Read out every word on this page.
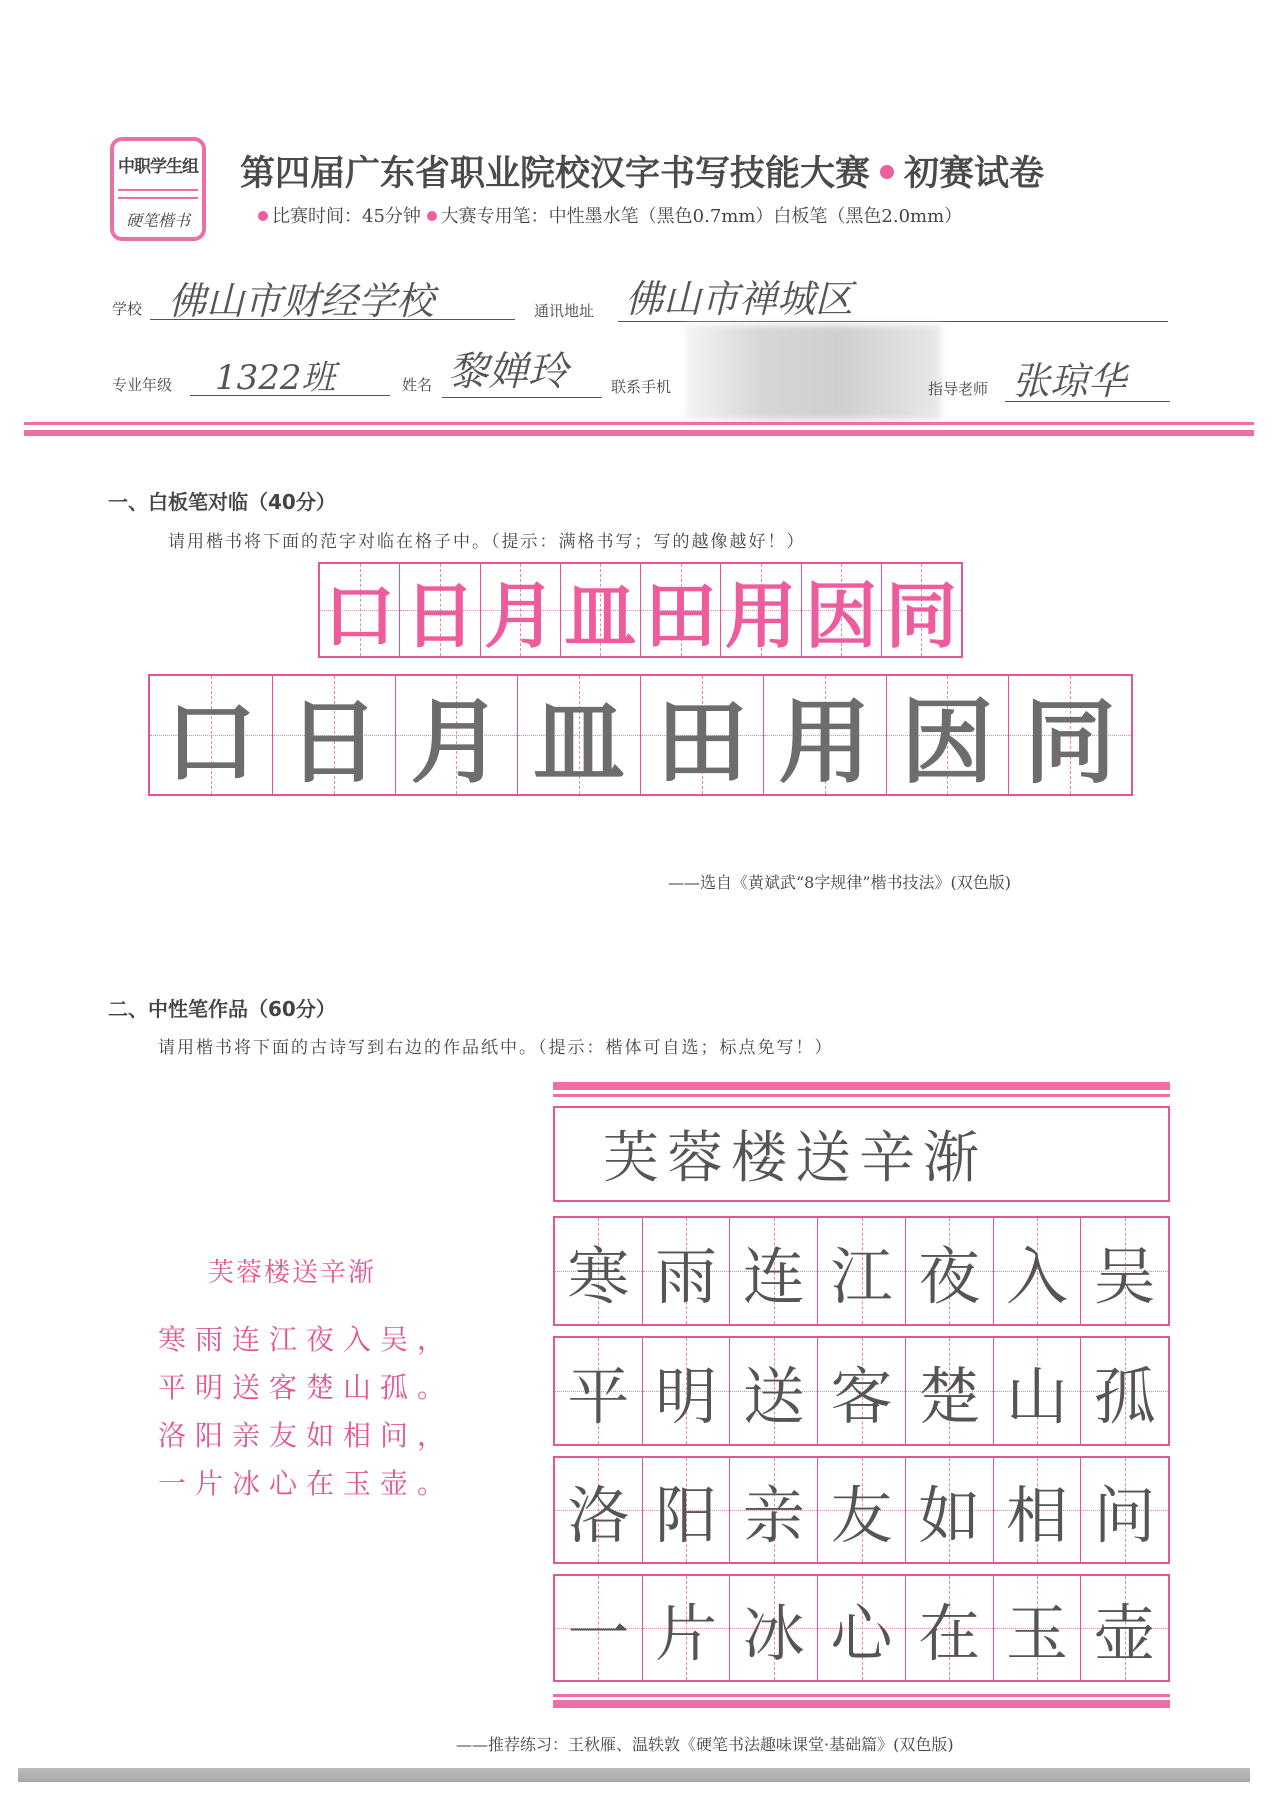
中职学生组
硬笔楷书
第四届广东省职业院校汉字书写技能大赛 初赛试卷
比赛时间：45分钟 大赛专用笔：中性墨水笔（黑色0.7mm）白板笔（黑色2.0mm）
学校 佛山市财经学校	通讯地址 佛山市禅城区
专业年级 1322班	姓名 黎婵玲	联系手机	指导老师 张琼华
一、白板笔对临（40分）
请用楷书将下面的范字对临在格子中。（提示：满格书写；写的越像越好！）
口 日 月 皿 田 用 因 同
口 日 月 皿 田 用 因 同
——选自《黄斌武“8字规律”楷书技法》(双色版)
二、中性笔作品（60分）
请用楷书将下面的古诗写到右边的作品纸中。（提示：楷体可自选；标点免写！）
芙蓉楼送辛渐
寒雨连江夜入吴，
平明送客楚山孤。
洛阳亲友如相问，
一片冰心在玉壶。
芙蓉楼送辛渐
寒 雨 连 江 夜 入 吴
平 明 送 客 楚 山 孤
洛 阳 亲 友 如 相 问
一 片 冰 心 在 玉 壶
——推荐练习：王秋雁、温轶敦《硬笔书法趣味课堂·基础篇》(双色版)
